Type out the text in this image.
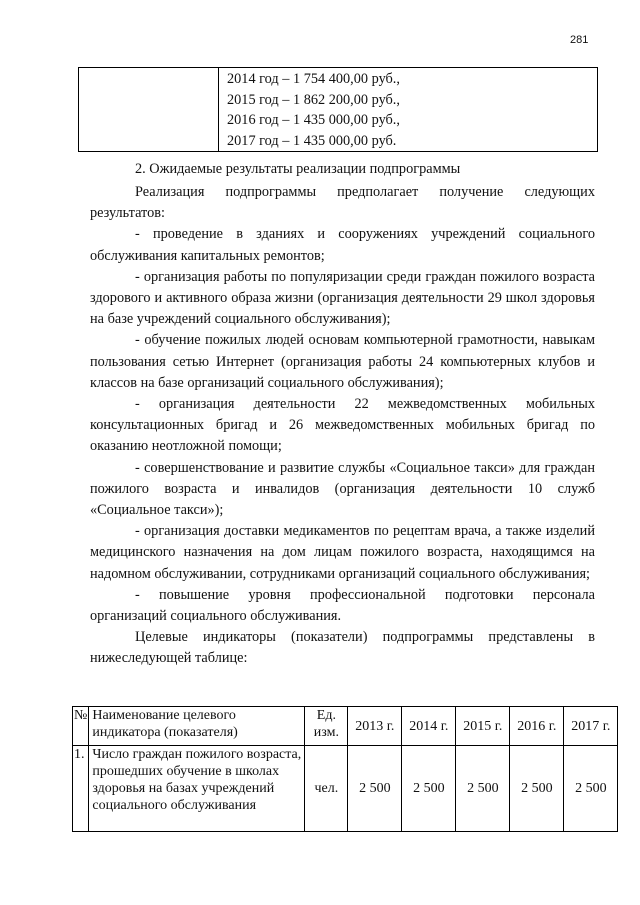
281

2014 год – 1 754 400,00 руб.,
2015 год – 1 862 200,00 руб.,
2016 год – 1 435 000,00 руб.,
2017 год – 1 435 000,00 руб.
2. Ожидаемые результаты реализации подпрограммы

Реализация подпрограммы предполагает получение следующих результатов:

- проведение в зданиях и сооружениях учреждений социального обслуживания капитальных ремонтов;

- организация работы по популяризации среди граждан пожилого возраста здорового и активного образа жизни (организация деятельности 29 школ здоровья на базе учреждений социального обслуживания);

- обучение пожилых людей основам компьютерной грамотности, навыкам пользования сетью Интернет (организация работы 24 компьютерных клубов и классов на базе организаций социального обслуживания);

- организация деятельности 22 межведомственных мобильных консультационных бригад и 26 межведомственных мобильных бригад по оказанию неотложной помощи;

- совершенствование и развитие службы «Социальное такси» для граждан пожилого возраста и инвалидов (организация деятельности 10 служб «Социальное такси»);

- организация доставки медикаментов по рецептам врача, а также изделий медицинского назначения на дом лицам пожилого возраста, находящимся на надомном обслуживании, сотрудниками организаций социального обслуживания;

- повышение уровня профессиональной подготовки персонала организаций социального обслуживания.

Целевые индикаторы (показатели) подпрограммы представлены в нижеследующей таблице:

№	Наименование целевого индикатора (показателя)	Ед. изм.	2013 г.	2014 г.	2015 г.	2016 г.	2017 г.
1.	Число граждан пожилого возраста, прошедших обучение в школах здоровья на базах учреждений социального обслуживания	чел.	2 500	2 500	2 500	2 500	2 500
